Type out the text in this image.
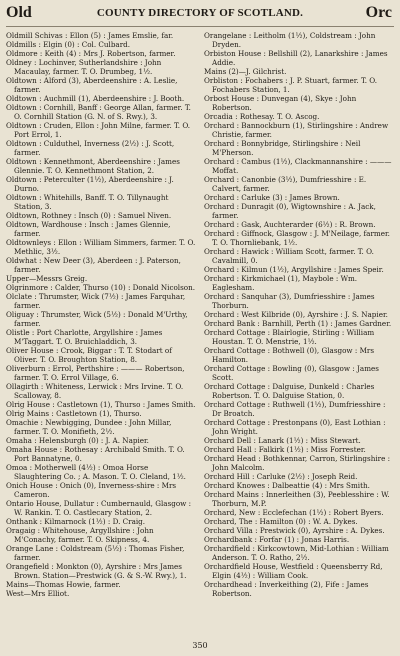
Old	COUNTY DIRECTORY OF SCOTLAND.	Orc

Oldmill Schivas : Ellon (5) : James Emslie, far.

Oldmills : Elgin (0) : Col. Culbard.

Oldmore : Keith (4) : Mrs J. Robertson, farmer.

Oldney : Lochinver, Sutherlandshire : John Macaulay, farmer. T. O. Drumbeg, 1½.

Oldtown : Alford (3), Aberdeenshire : A. Leslie, farmer.

Oldtown : Auchmill (1), Aberdeenshire : J. Booth.

Oldtown : Cornhill, Banff : George Allan, farmer. T. O. Cornhill Station (G. N. of S. Rwy.), 3.

Oldtown : Cruden, Ellon : John Milne, farmer. T. O. Port Errol, 1.

Oldtown : Culduthel, Inverness (2½) : J. Scott, farmer.

Oldtown : Kennethmont, Aberdeenshire : James Glennie. T. O. Kennethmont Station, 2.

Oldtown : Peterculter (1½), Aberdeenshire : J. Durno.

Oldtown : Whitehills, Banff. T. O. Tillynaught Station, 3.

Oldtown, Rothney : Insch (0) : Samuel Niven.

Oldtown, Wardhouse : Insch : James Glennie, farmer.

Oldtownleys : Ellon : William Simmers, farmer. T. O. Methlic, 3½.

Oldwhat : New Deer (3), Aberdeen : J. Paterson, farmer.

Upper—Messrs Greig.

Olgrinmore : Calder, Thurso (10) : Donald Nicolson.

Olclate : Thrumster, Wick (7½) : James Farquhar, farmer.

Oliguay : Thrumster, Wick (5½) : Donald M'Urthy, farmer.

Olistle : Port Charlotte, Argyllshire : James M'Taggart. T. O. Bruichladdich, 3.

Oliver House : Crook, Biggar : T. T. Stodart of Oliver. T. O. Broughton Station, 8.

Oliverburn : Errol, Perthshire : ——— Robertson, farmer. T. O. Errol Village, 6.

Ollagirth : Whiteness, Lerwick : Mrs Irvine. T. O. Scalloway, 8.

Olrig House : Castletown (1), Thurso : James Smith.

Olrig Mains : Castletown (1), Thurso.

Omachie : Newbigging, Dundee : John Millar, farmer. T. O. Monifieth, 2½.

Omaha : Helensburgh (0) : J. A. Napier.

Omaha House : Rothesay : Archibald Smith. T. O. Port Bannatyne, 0.

Omoa : Motherwell (4½) : Omoa Horse Slaughtering Co. ; A. Mason. T. O. Cleland, 1½.

Onich House : Onich (0), Inverness-shire : Mrs Cameron.

Ontario House, Dullatur : Cumbernauld, Glasgow : W. Rankin. T. O. Castlecary Station, 2.

Onthank : Kilmarnock (1½) : D. Craig.

Oragaig : Whitehouse, Argyllshire : John M'Conachy, farmer. T. O. Skipness, 4.

Orange Lane : Coldstream (5½) : Thomas Fisher, farmer.

Orangefield : Monkton (0), Ayrshire : Mrs James Brown. Station—Prestwick (G. & S.-W. Rwy.), 1.

Mains—Thomas Howie, farmer.

West—Mrs Elliot.

Orangelane : Leitholm (1½), Coldstream : John Dryden.

Orbiston House : Bellshill (2), Lanarkshire : James Addie.

Mains (2)—J. Gilchrist.

Orbliston : Fochabers : J. P. Stuart, farmer. T. O. Fochabers Station, 1.

Orbost House : Dunvegan (4), Skye : John Robertson.

Orcadia : Rothesay. T. O. Ascog.

Orchard : Bannockburn (1), Stirlingshire : Andrew Christie, farmer.

Orchard : Bonnybridge, Stirlingshire : Neil M'Pherson.

Orchard : Cambus (1½), Clackmannanshire : ——— Moffat.

Orchard : Canonbie (3½), Dumfriesshire : E. Calvert, farmer.

Orchard : Carluke (3) : James Brown.

Orchard : Dunragit (0), Wigtownshire : A. Jack, farmer.

Orchard : Gask, Auchterarder (6½) : R. Brown.

Orchard : Giffnock, Glasgow : J. M'Neilage, farmer. T. O. Thornliebank, 1½.

Orchard : Hawick : William Scott, farmer. T. O. Cavalmill, 0.

Orchard : Kilmun (1½), Argyllshire : James Speir.

Orchard : Kirkmichael (1), Maybole : Wm. Eaglesham.

Orchard : Sanquhar (3), Dumfriesshire : James Thorburn.

Orchard : West Kilbride (0), Ayrshire : J. S. Napier.

Orchard Bank : Barnhill, Perth (1) : James Gardner.

Orchard Cottage : Blairlogie, Stirling : William Houstan. T. O. Menstrie, 1½.

Orchard Cottage : Bothwell (0), Glasgow : Mrs Hamilton.

Orchard Cottage : Bowling (0), Glasgow : James Scott.

Orchard Cottage : Dalguise, Dunkeld : Charles Robertson. T. O. Dalguise Station, 0.

Orchard Cottage : Ruthwell (1½), Dumfriesshire : Dr Broatch.

Orchard Cottage : Prestonpans (0), East Lothian : John Wright.

Orchard Dell : Lanark (1½) : Miss Stewart.

Orchard Hall : Falkirk (1½) : Miss Forrester.

Orchard Head : Bothkennar, Carron, Stirlingshire : John Malcolm.

Orchard Hill : Carluke (2½) : Joseph Reid.

Orchard Knowes : Dalbeattie (4) : Mrs Smith.

Orchard Mains : Innerleithen (3), Peeblesshire : W. Thorburn, M.P.

Orchard, New : Ecclefechan (1½) : Robert Byers.

Orchard, The : Hamilton (0) : W. A. Dykes.

Orchard Villa : Prestwick (0), Ayrshire : A. Dykes.

Orchardbank : Forfar (1) : Jonas Harris.

Orchardfield : Kirkcowtown, Mid-Lothian : William Anderson. T. O. Ratho, 2½.

Orchardfield House, Westfield : Queensberry Rd, Elgin (4½) : William Cook.

Orchardhead : Inverkeithing (2), Fife : James Robertson.

350
